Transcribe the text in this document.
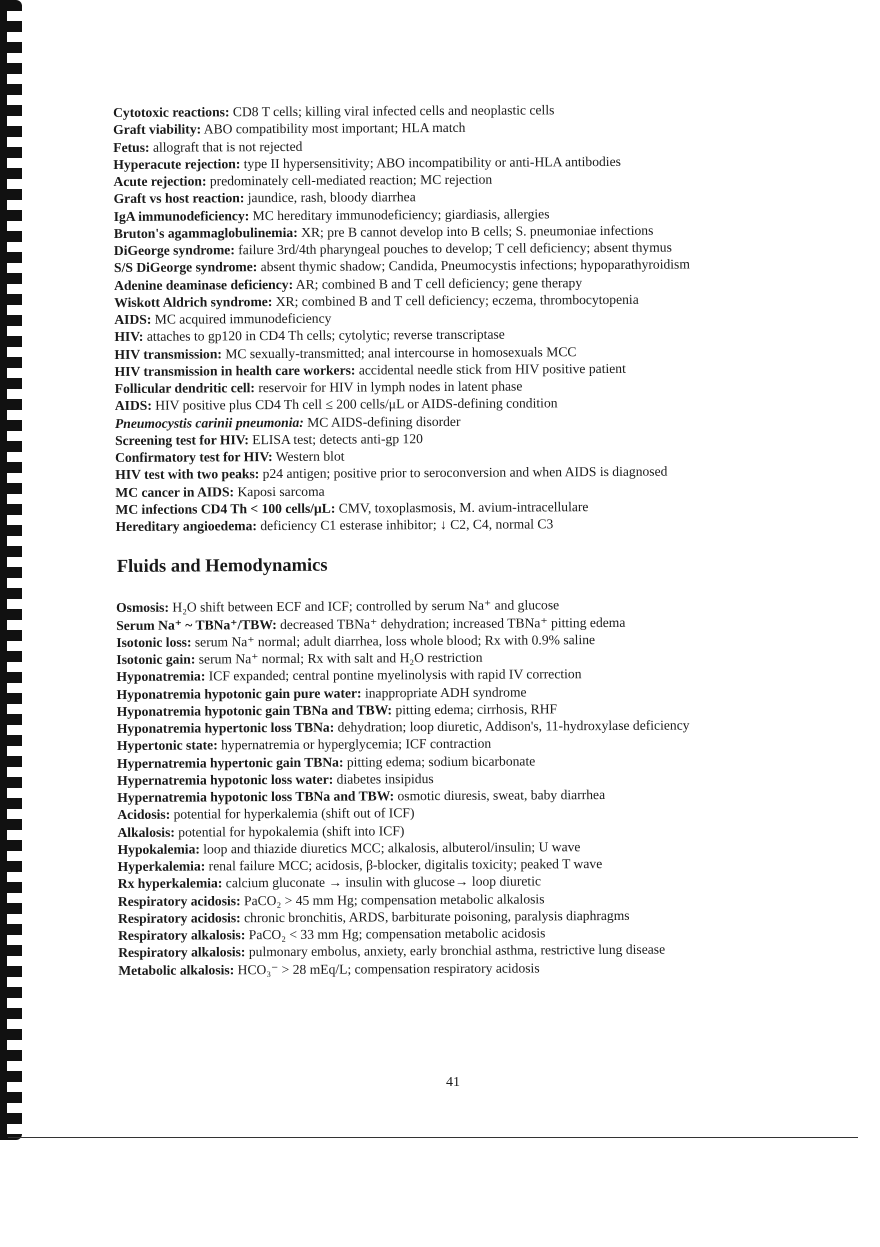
Cytotoxic reactions: CD8 T cells; killing viral infected cells and neoplastic cells
Graft viability: ABO compatibility most important; HLA match
Fetus: allograft that is not rejected
Hyperacute rejection: type II hypersensitivity; ABO incompatibility or anti-HLA antibodies
Acute rejection: predominately cell-mediated reaction; MC rejection
Graft vs host reaction: jaundice, rash, bloody diarrhea
IgA immunodeficiency: MC hereditary immunodeficiency; giardiasis, allergies
Bruton's agammaglobulinemia: XR; pre B cannot develop into B cells; S. pneumoniae infections
DiGeorge syndrome: failure 3rd/4th pharyngeal pouches to develop; T cell deficiency; absent thymus
S/S DiGeorge syndrome: absent thymic shadow; Candida, Pneumocystis infections; hypoparathyroidism
Adenine deaminase deficiency: AR; combined B and T cell deficiency; gene therapy
Wiskott Aldrich syndrome: XR; combined B and T cell deficiency; eczema, thrombocytopenia
AIDS: MC acquired immunodeficiency
HIV: attaches to gp120 in CD4 Th cells; cytolytic; reverse transcriptase
HIV transmission: MC sexually-transmitted; anal intercourse in homosexuals MCC
HIV transmission in health care workers: accidental needle stick from HIV positive patient
Follicular dendritic cell: reservoir for HIV in lymph nodes in latent phase
AIDS: HIV positive plus CD4 Th cell ≤ 200 cells/μL or AIDS-defining condition
Pneumocystis carinii pneumonia: MC AIDS-defining disorder
Screening test for HIV: ELISA test; detects anti-gp 120
Confirmatory test for HIV: Western blot
HIV test with two peaks: p24 antigen; positive prior to seroconversion and when AIDS is diagnosed
MC cancer in AIDS: Kaposi sarcoma
MC infections CD4 Th < 100 cells/μL: CMV, toxoplasmosis, M. avium-intracellulare
Hereditary angioedema: deficiency C1 esterase inhibitor; ↓ C2, C4, normal C3
Fluids and Hemodynamics
Osmosis: H₂O shift between ECF and ICF; controlled by serum Na⁺ and glucose
Serum Na⁺ ~ TBNa⁺/TBW: decreased TBNa⁺ dehydration; increased TBNa⁺ pitting edema
Isotonic loss: serum Na⁺ normal; adult diarrhea, loss whole blood; Rx with 0.9% saline
Isotonic gain: serum Na⁺ normal; Rx with salt and H₂O restriction
Hyponatremia: ICF expanded; central pontine myelinolysis with rapid IV correction
Hyponatremia hypotonic gain pure water: inappropriate ADH syndrome
Hyponatremia hypotonic gain TBNa and TBW: pitting edema; cirrhosis, RHF
Hyponatremia hypertonic loss TBNa: dehydration; loop diuretic, Addison's, 11-hydroxylase deficiency
Hypertonic state: hypernatremia or hyperglycemia; ICF contraction
Hypernatremia hypertonic gain TBNa: pitting edema; sodium bicarbonate
Hypernatremia hypotonic loss water: diabetes insipidus
Hypernatremia hypotonic loss TBNa and TBW: osmotic diuresis, sweat, baby diarrhea
Acidosis: potential for hyperkalemia (shift out of ICF)
Alkalosis: potential for hypokalemia (shift into ICF)
Hypokalemia: loop and thiazide diuretics MCC; alkalosis, albuterol/insulin; U wave
Hyperkalemia: renal failure MCC; acidosis, β-blocker, digitalis toxicity; peaked T wave
Rx hyperkalemia: calcium gluconate → insulin with glucose→ loop diuretic
Respiratory acidosis: PaCO₂ > 45 mm Hg; compensation metabolic alkalosis
Respiratory acidosis: chronic bronchitis, ARDS, barbiturate poisoning, paralysis diaphragms
Respiratory alkalosis: PaCO₂ < 33 mm Hg; compensation metabolic acidosis
Respiratory alkalosis: pulmonary embolus, anxiety, early bronchial asthma, restrictive lung disease
Metabolic alkalosis: HCO₃⁻ > 28 mEq/L; compensation respiratory acidosis
41
